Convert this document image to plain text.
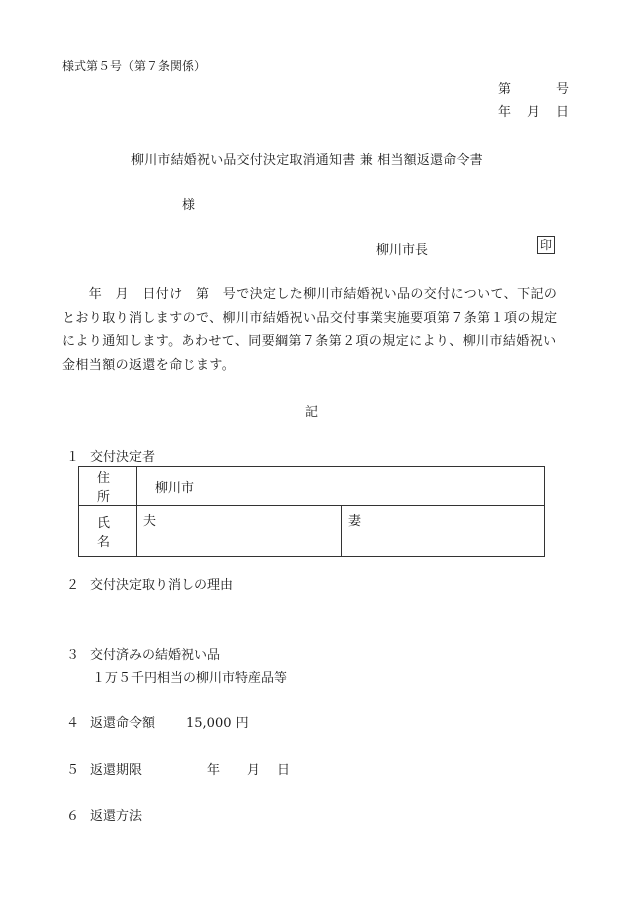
様式第５号（第７条関係）
第	号
年 月 日
柳川市結婚祝い品交付決定取消通知書 兼 相当額返還命令書
様
柳川市長	印
　　年　月　日付け　第　号で決定した柳川市結婚祝い品の交付について、下記の
とおり取り消しますので、柳川市結婚祝い品交付事業実施要項第７条第１項の規定
により通知します。あわせて、同要綱第７条第２項の規定により、柳川市結婚祝い
金相当額の返還を命じます。
記
１ 交付決定者
住　所	柳川市	
氏　名	夫	妻
２ 交付決定取り消しの理由
３ 交付済みの結婚祝い品
１万５千円相当の柳川市特産品等
４ 返還命令額 15,000 円
５ 返還期限	年 月 日
６ 返還方法
